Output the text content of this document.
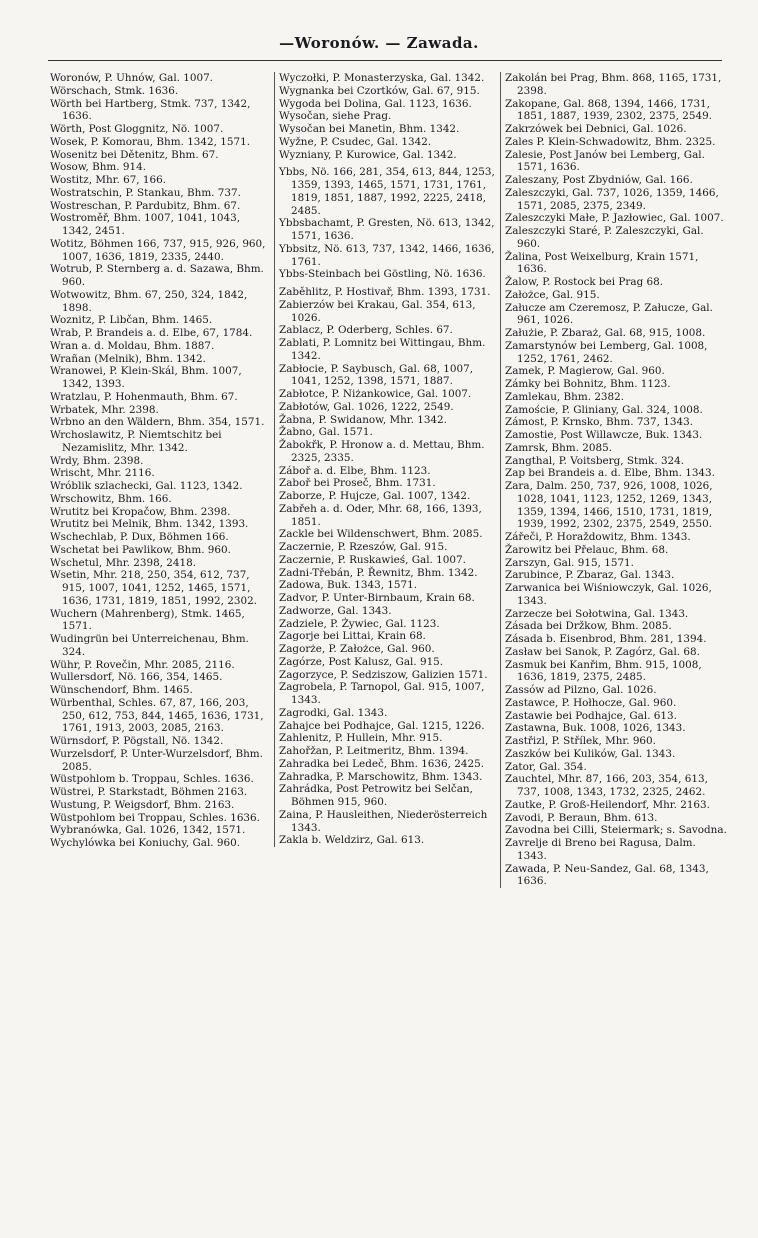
—Woronów. — Zawada.
Woronów, P. Uhnów, Gal. 1007.
Wörschach, Stmk. 1636.
Wörth bei Hartberg, Stmk. 737, 1342, 1636.
Wörth, Post Gloggnitz, Nö. 1007.
Wosek, P. Komorau, Bhm. 1342, 1571.
Wosenitz bei Dětenitz, Bhm. 67.
Wosow, Bhm. 914.
Wostitz, Mhr. 67, 166.
Wostratschin, P. Stankau, Bhm. 737.
Wostreschan, P. Pardubitz, Bhm. 67.
Wostroměř, Bhm. 1007, 1041, 1043, 1342, 2451.
Wotitz, Böhmen 166, 737, 915, 926, 960, 1007, 1636, 1819, 2335, 2440.
Wotrub, P. Sternberg a. d. Sazawa, Bhm. 960.
Wotwowitz, Bhm. 67, 250, 324, 1842, 1898.
Woznitz, P. Libčan, Bhm. 1465.
Wrab, P. Brandeis a. d. Elbe, 67, 1784.
Wran a. d. Moldau, Bhm. 1887.
Wrañan (Melnik), Bhm. 1342.
Wranowei, P. Klein-Skál, Bhm. 1007, 1342, 1393.
Wratzlau, P. Hohenmauth, Bhm. 67.
Wrbatek, Mhr. 2398.
Wrbno an den Wäldern, Bhm. 354, 1571.
Wrchoslawitz, P. Niemtschitz bei Nezamislitz, Mhr. 1342.
Wrdy, Bhm. 2398.
Wrischt, Mhr. 2116.
Wróblik szlachecki, Gal. 1123, 1342.
Wrschowitz, Bhm. 166.
Wrutitz bei Kropačow, Bhm. 2398.
Wrutitz bei Melnik, Bhm. 1342, 1393.
Wschechlab, P. Dux, Böhmen 166.
Wschetat bei Pawlikow, Bhm. 960.
Wschetul, Mhr. 2398, 2418.
Wsetin, Mhr. 218, 250, 354, 612, 737, 915, 1007, 1041, 1252, 1465, 1571, 1636, 1731, 1819, 1851, 1992, 2302.
Wuchern (Mahrenberg), Stmk. 1465, 1571.
Wudingrün bei Unterreichenau, Bhm. 324.
Wühr, P. Rovečin, Mhr. 2085, 2116.
Wullersdorf, Nö. 166, 354, 1465.
Wünschendorf, Bhm. 1465.
Würbenthal, Schles. 67, 87, 166, 203, 250, 612, 753, 844, 1465, 1636, 1731, 1761, 1913, 2003, 2085, 2163.
Würnsdorf, P. Pögstall, Nö. 1342.
Wurzelsdorf, P. Unter-Wurzelsdorf, Bhm. 2085.
Wüstpohlom b. Troppau, Schles. 1636.
Wüstrei, P. Starkstadt, Böhmen 2163.
Wustung, P. Weigsdorf, Bhm. 2163.
Wüstpohlom bei Troppau, Schles. 1636.
Wybranówka, Gal. 1026, 1342, 1571.
Wychylówka bei Koniuchy, Gal. 960.
Wyczołki, P. Monasterzyska, Gal. 1342.
Wygnanka bei Czortków, Gal. 67, 915.
Wygoda bei Dolina, Gal. 1123, 1636.
Wysočan, siehe Prag.
Wysočan bei Manetin, Bhm. 1342.
Wyžne, P. Csudec, Gal. 1342.
Wyzniany, P. Kurowice, Gal. 1342.
Ybbs, Nö. 166, 281, 354, 613, 844, 1253, 1359, 1393, 1465, 1571, 1731, 1761, 1819, 1851, 1887, 1992, 2225, 2418, 2485.
Ybbsbachamt, P. Gresten, Nö. 613, 1342, 1571, 1636.
Ybbsitz, Nö. 613, 737, 1342, 1466, 1636, 1761.
Ybbs-Steinbach bei Göstling, Nö. 1636.
Zaběhlitz, P. Hostivař, Bhm. 1393, 1731.
Zabierzów bei Krakau, Gal. 354, 613, 1026.
Zablacz, P. Oderberg, Schles. 67.
Zablati, P. Lomnitz bei Wittingau, Bhm. 1342.
Zabłocie, P. Saybusch, Gal. 68, 1007, 1041, 1252, 1398, 1571, 1887.
Zabłotce, P. Niżankowice, Gal. 1007.
Zabłotów, Gal. 1026, 1222, 2549.
Žabna, P. Swidanow, Mhr. 1342.
Žabno, Gal. 1571.
Žabokřk, P. Hronow a. d. Mettau, Bhm. 2325, 2335.
Záboř a. d. Elbe, Bhm. 1123.
Zaboř bei Proseč, Bhm. 1731.
Zaborze, P. Hujcze, Gal. 1007, 1342.
Zabřeh a. d. Oder, Mhr. 68, 166, 1393, 1851.
Zackle bei Wildenschwert, Bhm. 2085.
Zaczernie, P. Rzeszów, Gal. 915.
Zaczernie, P. Ruskawieś, Gal. 1007.
Zadni-Třebán, P. Řewnitz, Bhm. 1342.
Zadowa, Buk. 1343, 1571.
Zadvor, P. Unter-Birnbaum, Krain 68.
Zadworze, Gal. 1343.
Zadziele, P. Żywiec, Gal. 1123.
Zagorje bei Littai, Krain 68.
Zagorże, P. Założce, Gal. 960.
Zagórze, Post Kalusz, Gal. 915.
Zagorzyce, P. Sedziszow, Galizien 1571.
Zagrobela, P. Tarnopol, Gal. 915, 1007, 1343.
Zagrodki, Gal. 1343.
Zahajce bei Podhajce, Gal. 1215, 1226.
Zahlenitz, P. Hullein, Mhr. 915.
Zahořžan, P. Leitmeritz, Bhm. 1394.
Zahradka bei Ledeč, Bhm. 1636, 2425.
Zahradka, P. Marschowitz, Bhm. 1343.
Zahrádka, Post Petrowitz bei Selčan, Böhmen 915, 960.
Zaina, P. Hausleithen, Niederösterreich 1343.
Zakla b. Weldzirz, Gal. 613.
Zakolán bei Prag, Bhm. 868, 1165, 1731, 2398.
Zakopane, Gal. 868, 1394, 1466, 1731, 1851, 1887, 1939, 2302, 2375, 2549.
Zakrzówek bei Debnici, Gal. 1026.
Zales P. Klein-Schwadowitz, Bhm. 2325.
Zalesie, Post Janów bei Lemberg, Gal. 1571, 1636.
Zaleszany, Post Zbydniów, Gal. 166.
Zaleszczyki, Gal. 737, 1026, 1359, 1466, 1571, 2085, 2375, 2349.
Zaleszczyki Małe, P. Jazłowiec, Gal. 1007.
Zaleszczyki Staré, P. Zaleszczyki, Gal. 960.
Žalina, Post Weixelburg, Krain 1571, 1636.
Žalow, P. Rostock bei Prag 68.
Założce, Gal. 915.
Załucze am Czeremosz, P. Załucze, Gal. 961, 1026.
Załużie, P. Zbaraż, Gal. 68, 915, 1008.
Zamarstynów bei Lemberg, Gal. 1008, 1252, 1761, 2462.
Zamek, P. Magierow, Gal. 960.
Zámky bei Bohnitz, Bhm. 1123.
Zamlekau, Bhm. 2382.
Zamoście, P. Gliniany, Gal. 324, 1008.
Zámost, P. Krnsko, Bhm. 737, 1343.
Zamostie, Post Willawcze, Buk. 1343.
Zamrsk, Bhm. 2085.
Zangthal, P. Voitsberg, Stmk. 324.
Zap bei Brandeis a. d. Elbe, Bhm. 1343.
Zara, Dalm. 250, 737, 926, 1008, 1026, 1028, 1041, 1123, 1252, 1269, 1343, 1359, 1394, 1466, 1510, 1731, 1819, 1939, 1992, 2302, 2375, 2549, 2550.
Zářeči, P. Horaždowitz, Bhm. 1343.
Žarowitz bei Přelauc, Bhm. 68.
Zarszyn, Gal. 915, 1571.
Zarubince, P. Zbaraz, Gal. 1343.
Zarwanica bei Wiśniowczyk, Gal. 1026, 1343.
Zarzecze bei Sołotwina, Gal. 1343.
Zásada bei Držkow, Bhm. 2085.
Zásada b. Eisenbrod, Bhm. 281, 1394.
Zasław bei Sanok, P. Zagórz, Gal. 68.
Zasmuk bei Kanřim, Bhm. 915, 1008, 1636, 1819, 2375, 2485.
Zassów ad Pilzno, Gal. 1026.
Zastawce, P. Hołhocze, Gal. 960.
Zastawie bei Podhajce, Gal. 613.
Zastawna, Buk. 1008, 1026, 1343.
Zastřizl, P. Střílek, Mhr. 960.
Zaszków bei Kulików, Gal. 1343.
Zator, Gal. 354.
Zauchtel, Mhr. 87, 166, 203, 354, 613, 737, 1008, 1343, 1732, 2325, 2462.
Zautke, P. Groß-Heilendorf, Mhr. 2163.
Zavodi, P. Beraun, Bhm. 613.
Zavodna bei Cilli, Steiermark; s. Savodna.
Zavrelje di Breno bei Ragusa, Dalm. 1343.
Zawada, P. Neu-Sandez, Gal. 68, 1343, 1636.
